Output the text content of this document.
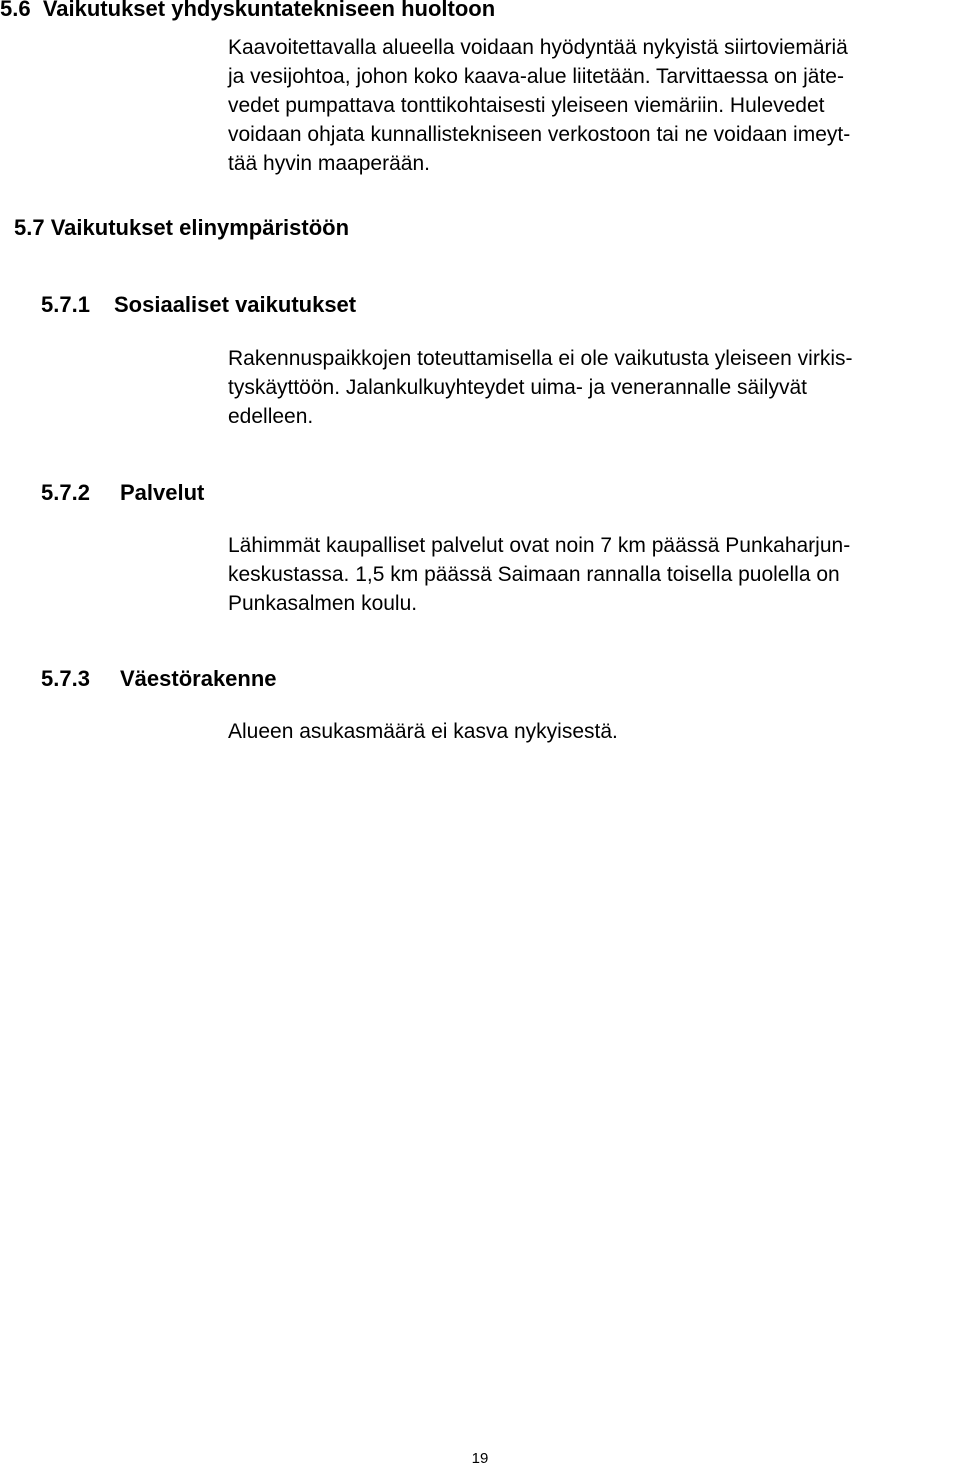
5.6 Vaikutukset yhdyskuntatekniseen huoltoon
Kaavoitettavalla alueella voidaan hyödyntää nykyistä siirtoviemäriä
ja vesijohtoa, johon koko kaava-alue liitetään. Tarvittaessa on jäte-
vedet pumpattava tonttikohtaisesti yleiseen viemäriin. Hulevedet
voidaan ohjata kunnallistekniseen verkostoon tai ne voidaan imeyt-
tää hyvin maaperään.
5.7 Vaikutukset elinympäristöön
5.7.1 Sosiaaliset vaikutukset
Rakennuspaikkojen toteuttamisella ei ole vaikutusta yleiseen virkis-
tyskäyttöön. Jalankulkuyhteydet uima- ja venerannalle säilyvät
edelleen.
5.7.2 Palvelut
Lähimmät kaupalliset palvelut ovat noin 7 km päässä Punkaharjun-
keskustassa. 1,5 km päässä Saimaan rannalla toisella puolella on
Punkasalmen koulu.
5.7.3 Väestörakenne
Alueen asukasmäärä ei kasva nykyisestä.
19
